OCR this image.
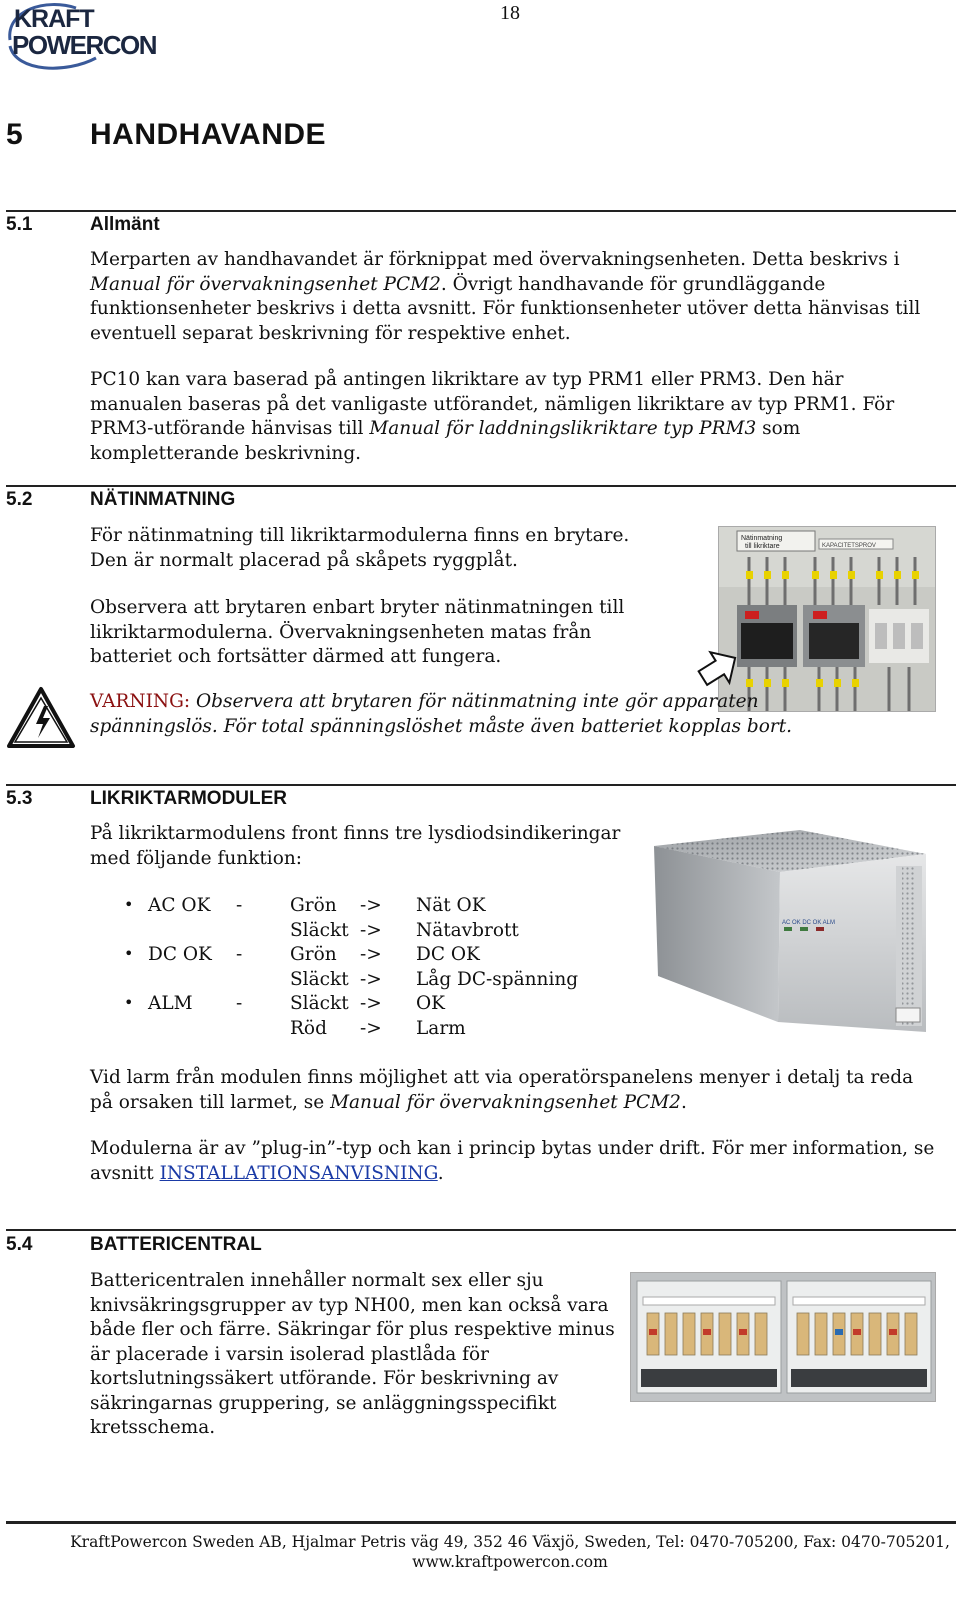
18
KRAFT
POWERCON
5 HANDHAVANDE
5.1	Allmänt
Merparten av handhavandet är förknippat med övervakningsenheten. Detta beskrivs i Manual för övervakningsenhet PCM2. Övrigt handhavande för grundläggande funktionsenheter beskrivs i detta avsnitt. För funktionsenheter utöver detta hänvisas till eventuell separat beskrivning för respektive enhet.
PC10 kan vara baserad på antingen likriktare av typ PRM1 eller PRM3. Den här manualen baseras på det vanligaste utförandet, nämligen likriktare av typ PRM1. För PRM3-utförande hänvisas till Manual för laddningslikriktare typ PRM3 som kompletterande beskrivning.
5.2	NÄTINMATNING
För nätinmatning till likriktarmodulerna finns en brytare. Den är normalt placerad på skåpets ryggplåt.
Observera att brytaren enbart bryter nätinmatningen till likriktarmodulerna. Övervakningsenheten matas från batteriet och fortsätter därmed att fungera.
Nätinmatning
till likriktare	KAPACITETSPROV
VARNING: Observera att brytaren för nätinmatning inte gör apparaten spänningslös. För total spänningslöshet måste även batteriet kopplas bort.
5.3	LIKRIKTARMODULER
På likriktarmodulens front finns tre lysdiodsindikeringar med följande funktion:
• AC OK -	Grön -> Nät OK
Släckt -> Nätavbrott
• DC OK -	Grön -> DC OK
Släckt -> Låg DC-spänning
• ALM -	Släckt -> OK
Röd -> Larm
AC OK DC OK ALM
Vid larm från modulen finns möjlighet att via operatörspanelens menyer i detalj ta reda på orsaken till larmet, se Manual för övervakningsenhet PCM2.
Modulerna är av ”plug-in”-typ och kan i princip bytas under drift. För mer information, se avsnitt INSTALLATIONSANVISNING.
5.4	BATTERICENTRAL
Battericentralen innehåller normalt sex eller sju knivsäkringsgrupper av typ NH00, men kan också vara både fler och färre. Säkringar för plus respektive minus är placerade i varsin isolerad plastlåda för kortslutningssäkert utförande. För beskrivning av säkringarnas gruppering, se anläggningsspecifikt kretsschema.
KraftPowercon Sweden AB, Hjalmar Petris väg 49, 352 46 Växjö, Sweden, Tel: 0470-705200, Fax: 0470-705201,
www.kraftpowercon.com
